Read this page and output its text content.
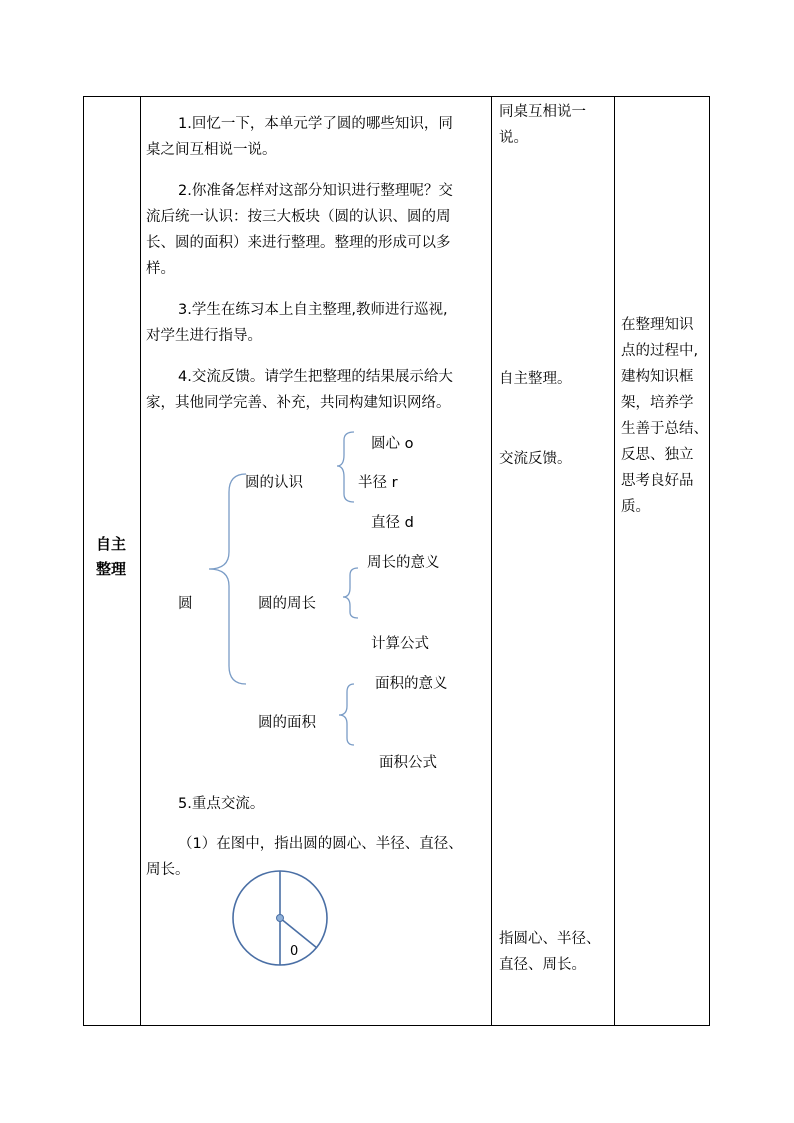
自主
整理
1.回忆一下，本单元学了圆的哪些知识，同
桌之间互相说一说。
2.你准备怎样对这部分知识进行整理呢？交
流后统一认识：按三大板块（圆的认识、圆的周
长、圆的面积）来进行整理。整理的形成可以多
样。
3.学生在练习本上自主整理,教师进行巡视,
对学生进行指导。
4.交流反馈。请学生把整理的结果展示给大
家，其他同学完善、补充，共同构建知识网络。
圆
圆的认识
圆心 o
半径 r
直径 d
圆的周长
周长的意义
计算公式
圆的面积
面积的意义
面积公式
5.重点交流。
（1）在图中，指出圆的圆心、半径、直径、
周长。
0
同桌互相说一
说。
自主整理。
交流反馈。
指圆心、半径、
直径、周长。
在整理知识
点的过程中,
建构知识框
架，培养学
生善于总结、
反思、独立
思考良好品
质。
